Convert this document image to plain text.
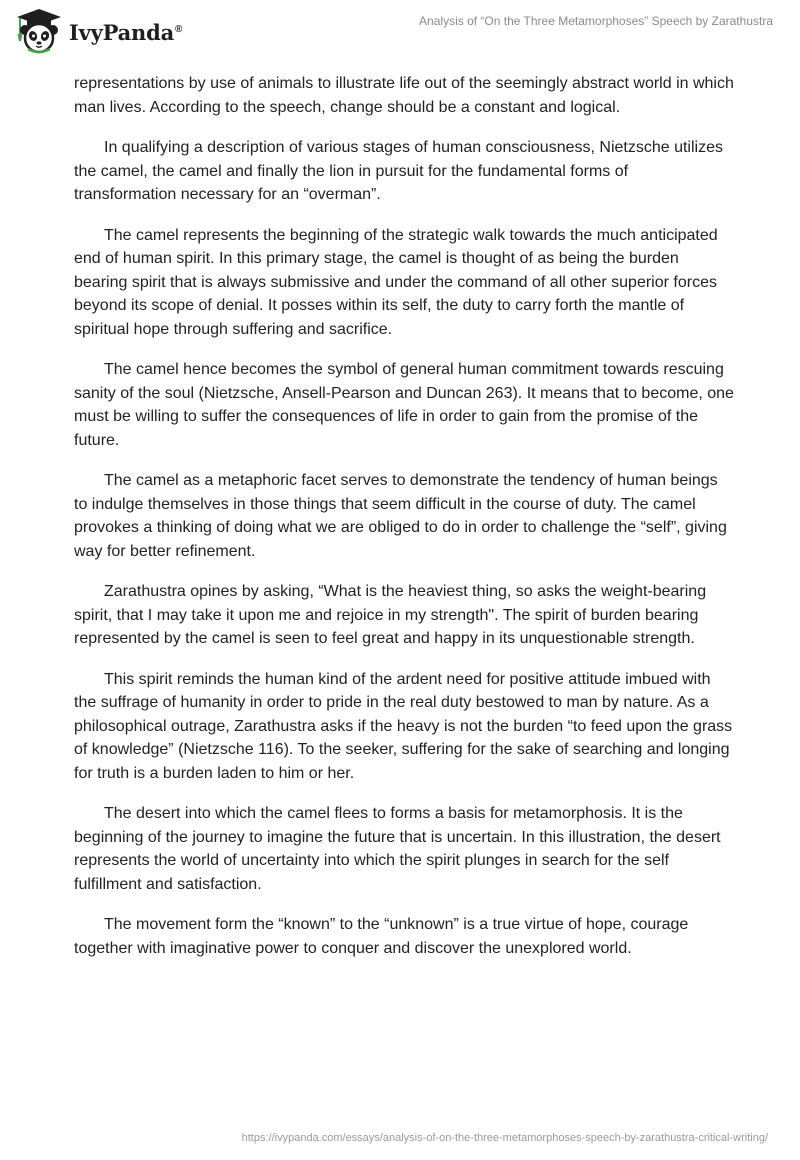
IvyPanda®
Analysis of “On the Three Metamorphoses” Speech by Zarathustra

representations by use of animals to illustrate life out of the seemingly abstract world in which man lives. According to the speech, change should be a constant and logical.

In qualifying a description of various stages of human consciousness, Nietzsche utilizes the camel, the camel and finally the lion in pursuit for the fundamental forms of transformation necessary for an “overman”.

The camel represents the beginning of the strategic walk towards the much anticipated end of human spirit. In this primary stage, the camel is thought of as being the burden bearing spirit that is always submissive and under the command of all other superior forces beyond its scope of denial. It posses within its self, the duty to carry forth the mantle of spiritual hope through suffering and sacrifice.

The camel hence becomes the symbol of general human commitment towards rescuing sanity of the soul (Nietzsche, Ansell-Pearson and Duncan 263). It means that to become, one must be willing to suffer the consequences of life in order to gain from the promise of the future.

The camel as a metaphoric facet serves to demonstrate the tendency of human beings to indulge themselves in those things that seem difficult in the course of duty. The camel provokes a thinking of doing what we are obliged to do in order to challenge the “self”, giving way for better refinement.

Zarathustra opines by asking, “What is the heaviest thing, so asks the weight-bearing spirit, that I may take it upon me and rejoice in my strength". The spirit of burden bearing represented by the camel is seen to feel great and happy in its unquestionable strength.

This spirit reminds the human kind of the ardent need for positive attitude imbued with the suffrage of humanity in order to pride in the real duty bestowed to man by nature. As a philosophical outrage, Zarathustra asks if the heavy is not the burden “to feed upon the grass of knowledge” (Nietzsche 116). To the seeker, suffering for the sake of searching and longing for truth is a burden laden to him or her.

The desert into which the camel flees to forms a basis for metamorphosis. It is the beginning of the journey to imagine the future that is uncertain. In this illustration, the desert represents the world of uncertainty into which the spirit plunges in search for the self fulfillment and satisfaction.

The movement form the “known” to the “unknown” is a true virtue of hope, courage together with imaginative power to conquer and discover the unexplored world.

https://ivypanda.com/essays/analysis-of-on-the-three-metamorphoses-speech-by-zarathustra-critical-writing/
